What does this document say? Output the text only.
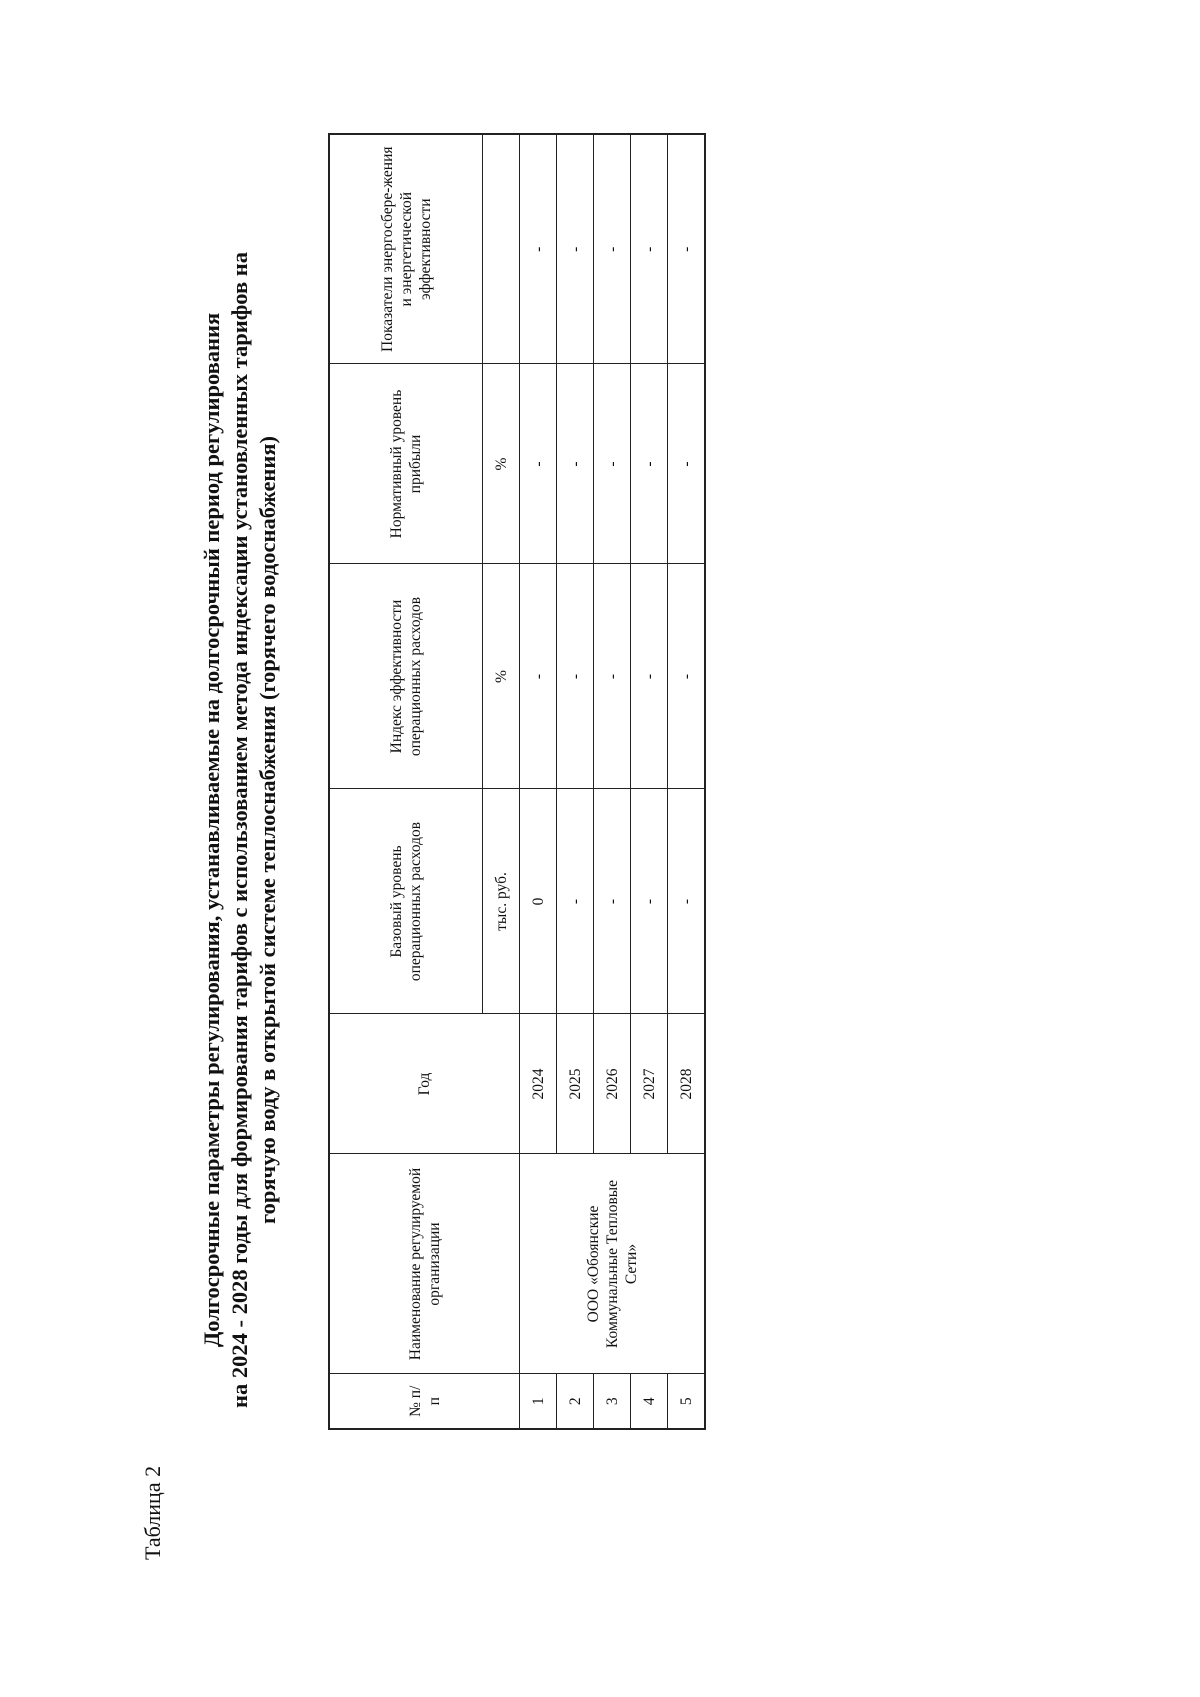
Таблица 2
Долгосрочные параметры регулирования, устанавливаемые на долгосрочный период регулирования на 2024 - 2028 годы для формирования тарифов с использованием метода индексации установленных тарифов на горячую воду в открытой системе теплоснабжения (горячего водоснабжения)
№ п/п	Наименование регулируемой организации	Год	Базовый уровень операционных расходов	Индекс эффективности операционных расходов	Нормативный уровень прибыли	Показатели энергосбере-жения и энергетической эффективности
			тыс. руб.	%	%	
1	ООО «Обоянские Коммунальные Тепловые Сети»	2024	0	-	-	-
2		2025	-	-	-	-
3		2026	-	-	-	-
4		2027	-	-	-	-
5		2028	-	-	-	-
